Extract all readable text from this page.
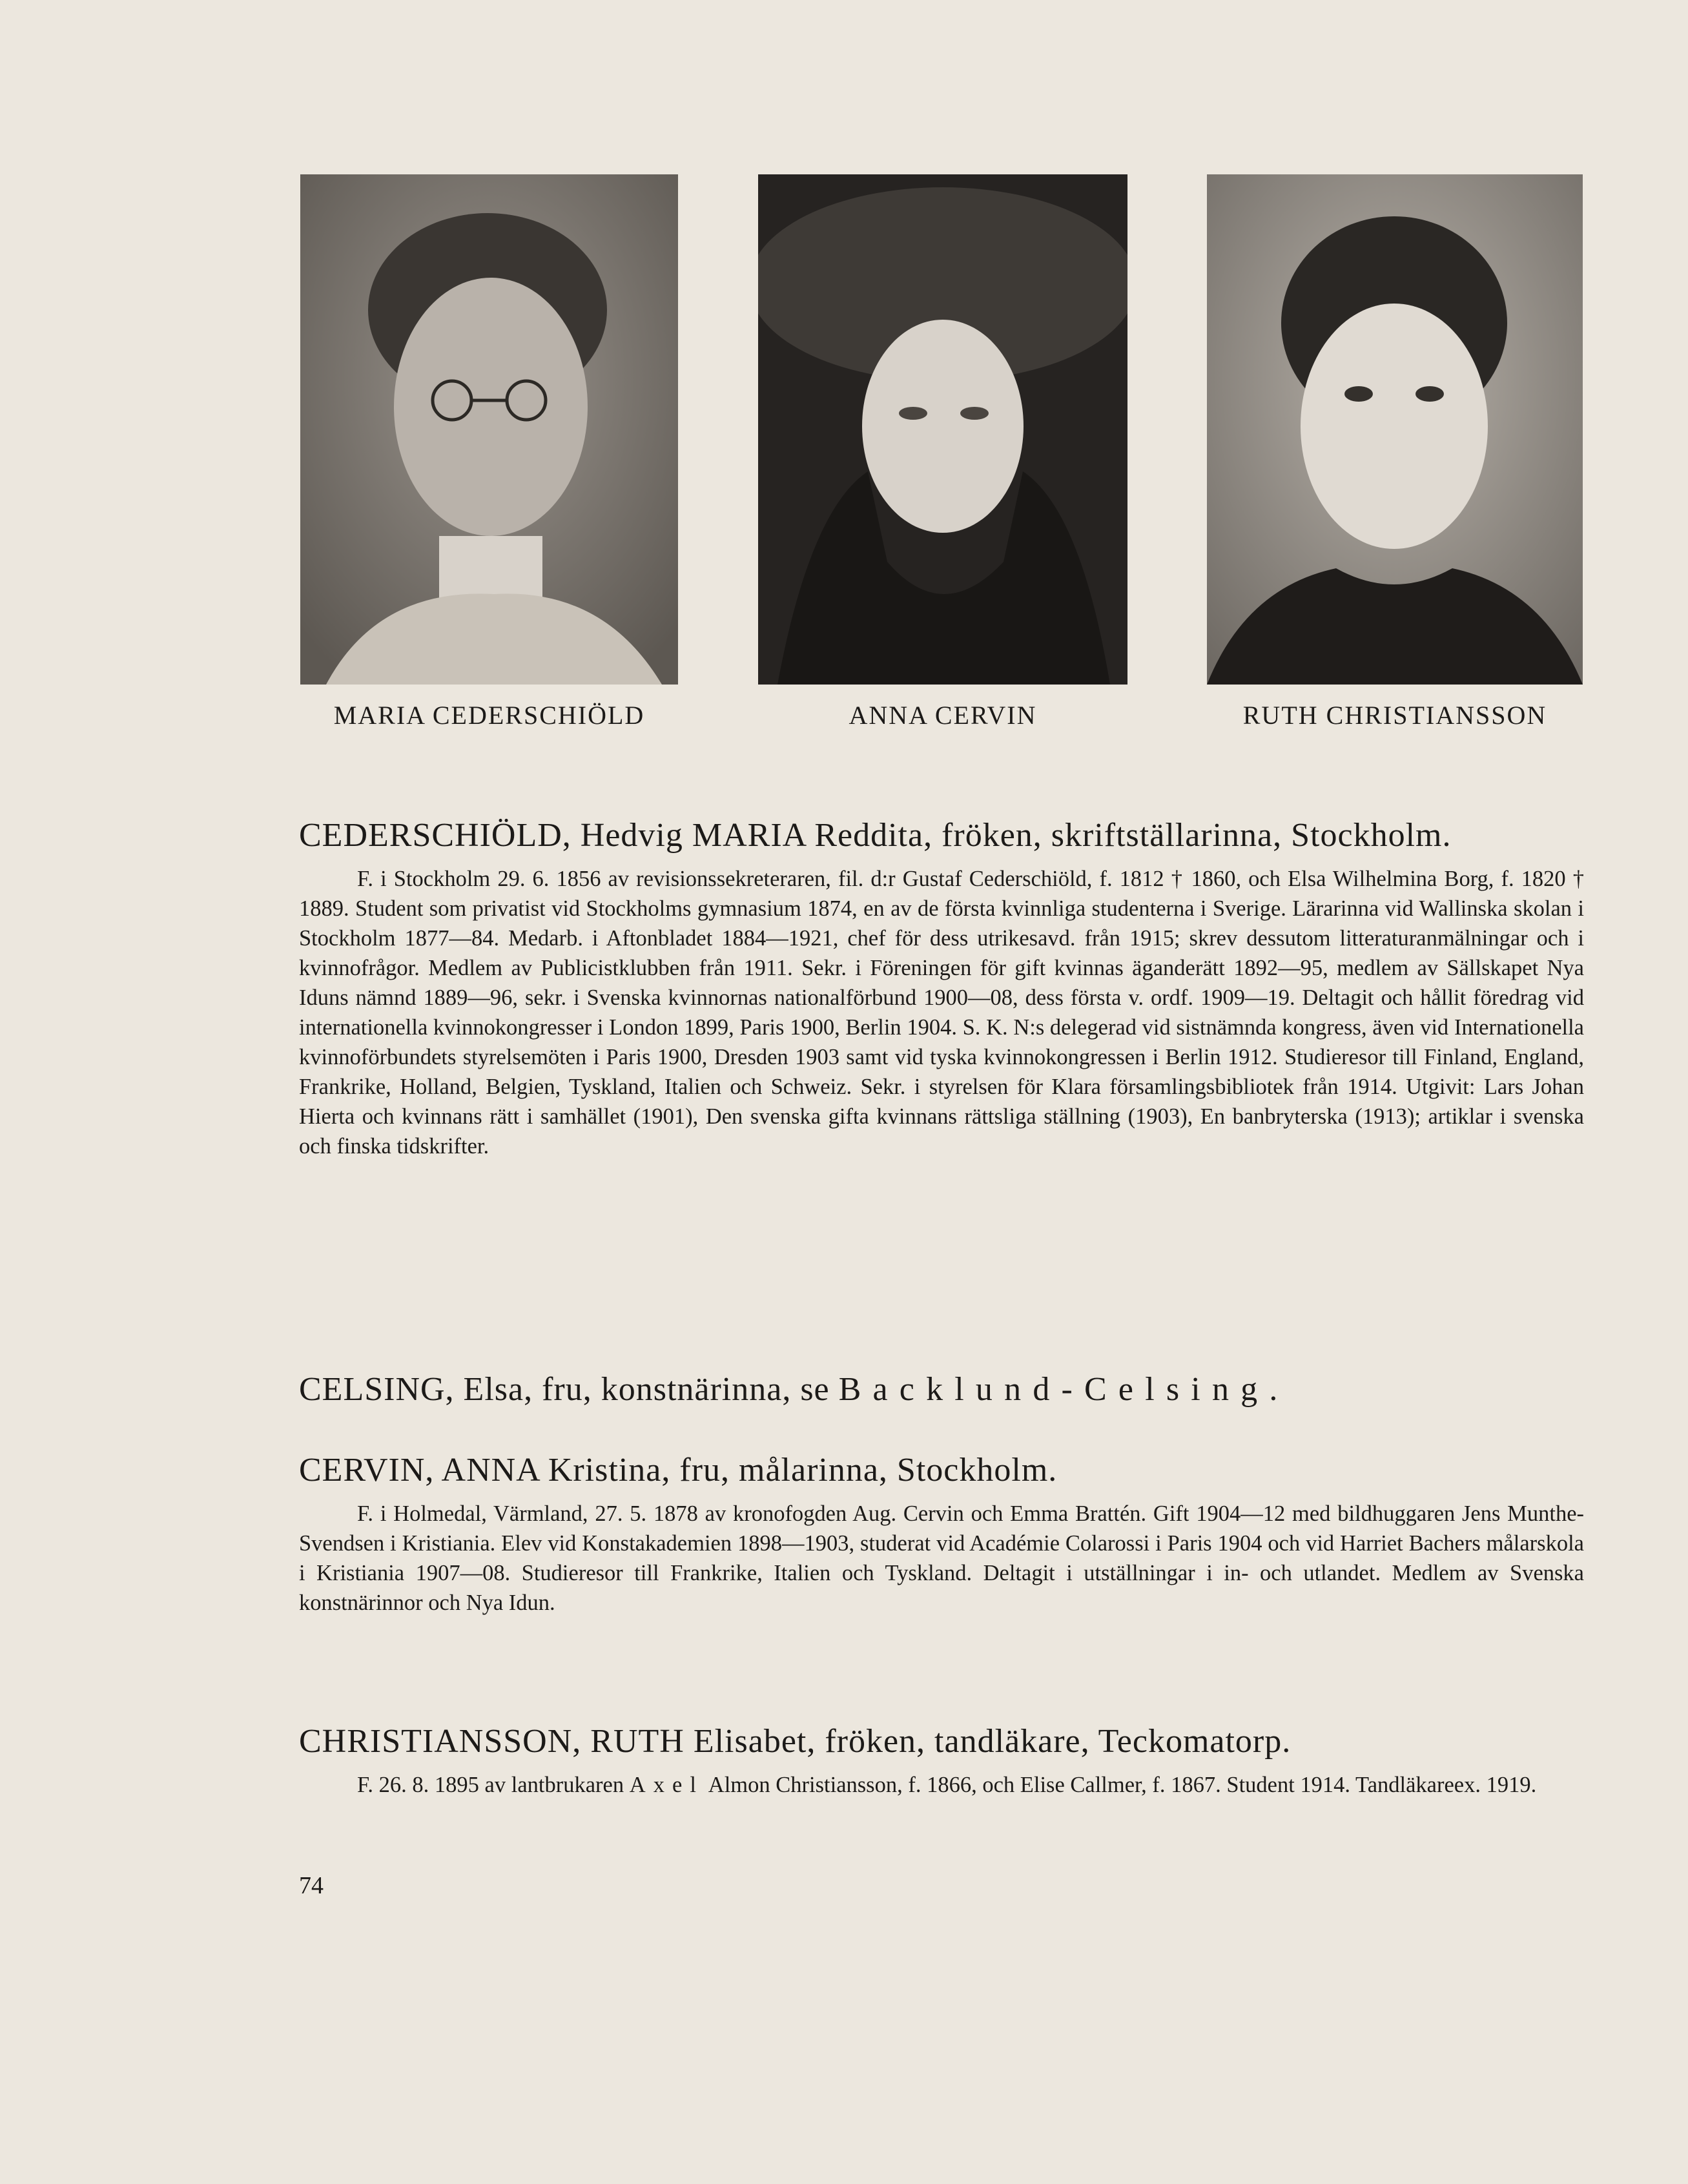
MARIA CEDERSCHIÖLD	ANNA CERVIN	RUTH CHRISTIANSSON
CEDERSCHIÖLD, Hedvig MARIA Reddita, fröken, skriftställarinna, Stockholm.
F. i Stockholm 29. 6. 1856 av revisionssekreteraren, fil. d:r Gustaf Cederschiöld, f. 1812 † 1860, och Elsa Wilhelmina Borg, f. 1820 † 1889. Student som privatist vid Stockholms gymnasium 1874, en av de första kvinnliga studenterna i Sverige. Lärarinna vid Wallinska skolan i Stockholm 1877—84. Medarb. i Aftonbladet 1884—1921, chef för dess utrikesavd. från 1915; skrev dessutom litteraturanmälningar och i kvinnofrågor. Medlem av Publicistklubben från 1911. Sekr. i Föreningen för gift kvinnas äganderätt 1892—95, medlem av Sällskapet Nya Iduns nämnd 1889—96, sekr. i Svenska kvinnornas nationalförbund 1900—08, dess första v. ordf. 1909—19. Deltagit och hållit föredrag vid internationella kvinnokongresser i London 1899, Paris 1900, Berlin 1904. S. K. N:s delegerad vid sistnämnda kongress, även vid Internationella kvinnoförbundets styrelsemöten i Paris 1900, Dresden 1903 samt vid tyska kvinnokongressen i Berlin 1912. Studieresor till Finland, England, Frankrike, Holland, Belgien, Tyskland, Italien och Schweiz. Sekr. i styrelsen för Klara församlingsbibliotek från 1914. Utgivit: Lars Johan Hierta och kvinnans rätt i samhället (1901), Den svenska gifta kvinnans rättsliga ställning (1903), En banbryterska (1913); artiklar i svenska och finska tidskrifter.
CELSING, Elsa, fru, konstnärinna, se Backlund-Celsing.
CERVIN, ANNA Kristina, fru, målarinna, Stockholm.
F. i Holmedal, Värmland, 27. 5. 1878 av kronofogden Aug. Cervin och Emma Brattén. Gift 1904—12 med bildhuggaren Jens Munthe-Svendsen i Kristiania. Elev vid Konstakademien 1898—1903, studerat vid Académie Colarossi i Paris 1904 och vid Harriet Bachers målarskola i Kristiania 1907—08. Studieresor till Frankrike, Italien och Tyskland. Deltagit i utställningar i in- och utlandet. Medlem av Svenska konstnärinnor och Nya Idun.
CHRISTIANSSON, RUTH Elisabet, fröken, tandläkare, Teckomatorp.
F. 26. 8. 1895 av lantbrukaren Axel Almon Christiansson, f. 1866, och Elise Callmer, f. 1867. Student 1914. Tandläkareex. 1919.
74
